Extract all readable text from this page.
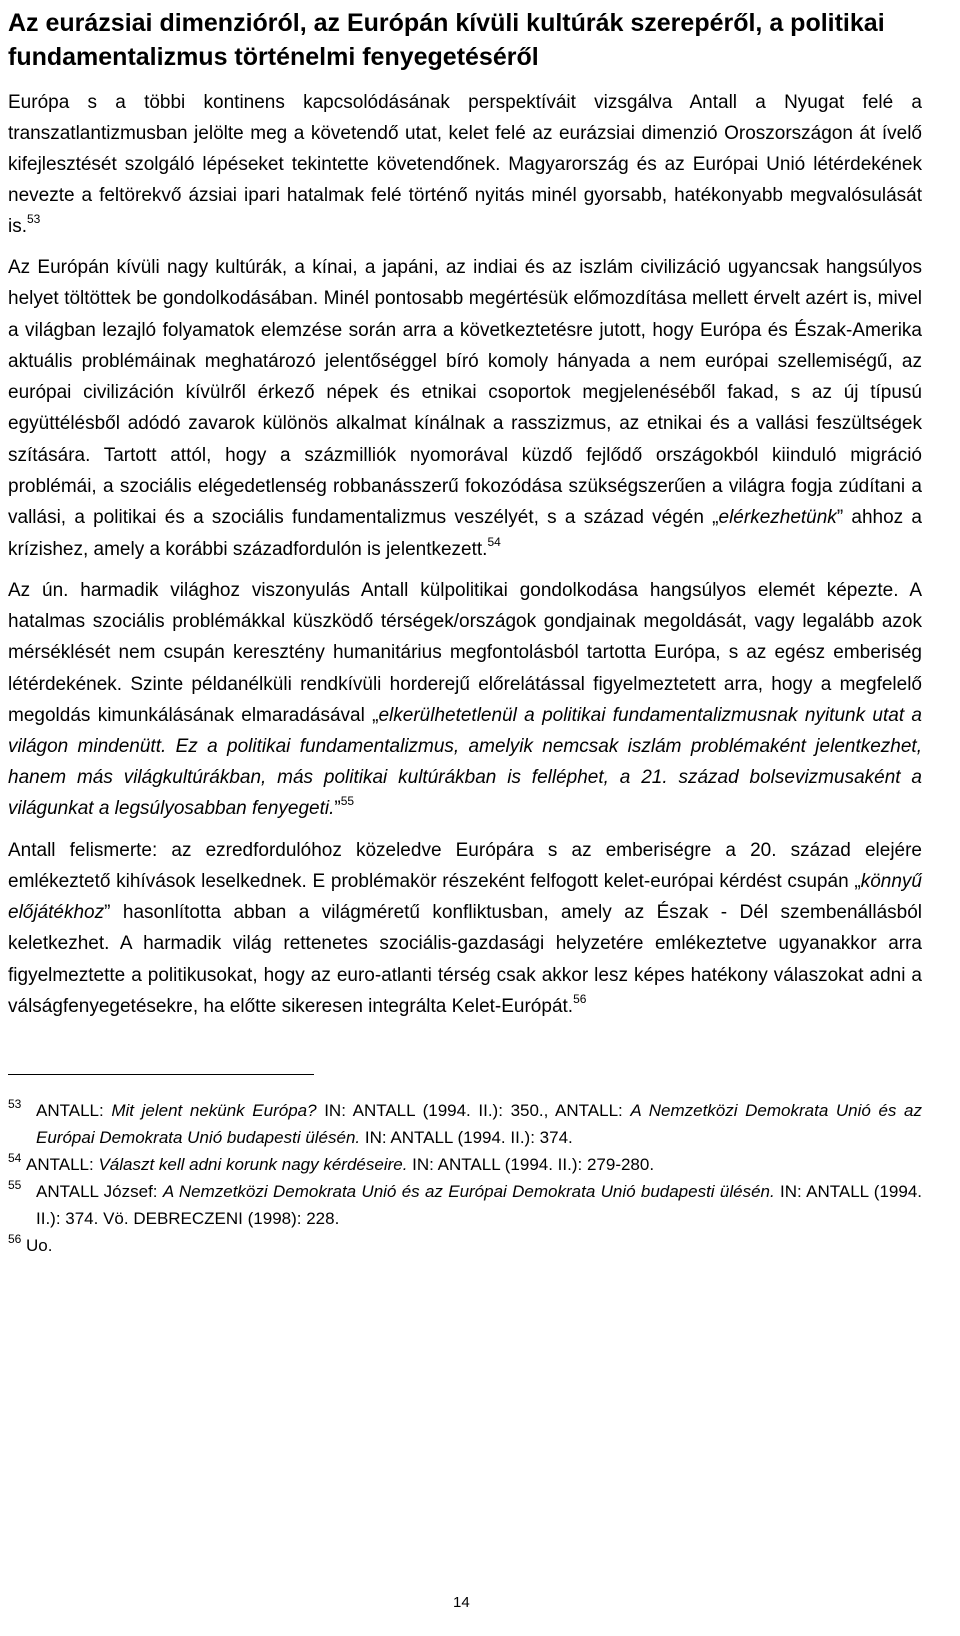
Az eurázsiai dimenzióról, az Európán kívüli kultúrák szerepéről, a politikai fundamentalizmus történelmi fenyegetéséről

Európa s a többi kontinens kapcsolódásának perspektíváit vizsgálva Antall a Nyugat felé a transzatlantizmusban jelölte meg a követendő utat, kelet felé az eurázsiai dimenzió Oroszországon át ívelő kifejlesztését szolgáló lépéseket tekintette követendőnek. Magyarország és az Európai Unió létérdekének nevezte a feltörekvő ázsiai ipari hatalmak felé történő nyitás minél gyorsabb, hatékonyabb megvalósulását is.$^{53}$

Az Európán kívüli nagy kultúrák, a kínai, a japáni, az indiai és az iszlám civilizáció ugyancsak hangsúlyos helyet töltöttek be gondolkodásában. Minél pontosabb megértésük előmozdítása mellett érvelt azért is, mivel a világban lezajló folyamatok elemzése során arra a következtetésre jutott, hogy Európa és Észak-Amerika aktuális problémáinak meghatározó jelentőséggel bíró komoly hányada a nem európai szellemiségű, az európai civilizáción kívülről érkező népek és etnikai csoportok megjelenéséből fakad, s az új típusú együttélésből adódó zavarok különös alkalmat kínálnak a rasszizmus, az etnikai és a vallási feszültségek szítására. Tartott attól, hogy a százmilliók nyomorával küzdő fejlődő országokból kiinduló migráció problémái, a szociális elégedetlenség robbanásszerű fokozódása szükségszerűen a világra fogja zúdítani a vallási, a politikai és a szociális fundamentalizmus veszélyét, s a század végén „elérkezhetünk” ahhoz a krízishez, amely a korábbi századfordulón is jelentkezett.$^{54}$

Az ún. harmadik világhoz viszonyulás Antall külpolitikai gondolkodása hangsúlyos elemét képezte. A hatalmas szociális problémákkal küszködő térségek/országok gondjainak megoldását, vagy legalább azok mérséklését nem csupán keresztény humanitárius megfontolásból tartotta Európa, s az egész emberiség létérdekének. Szinte példanélküli rendkívüli horderejű előrelátással figyelmeztetett arra, hogy a megfelelő megoldás kimunkálásának elmaradásával „elkerülhetetlenül a politikai fundamentalizmusnak nyitunk utat a világon mindenütt. Ez a politikai fundamentalizmus, amelyik nemcsak iszlám problémaként jelentkezhet, hanem más világkultúrákban, más politikai kultúrákban is felléphet, a 21. század bolsevizmusaként a világunkat a legsúlyosabban fenyegeti.”$^{55}$

Antall felismerte: az ezredfordulóhoz közeledve Európára s az emberiségre a 20. század elejére emlékeztető kihívások leselkednek. E problémakör részeként felfogott kelet-európai kérdést csupán „könnyű előjátékhoz” hasonlította abban a világméretű konfliktusban, amely az Észak - Dél szembenállásból keletkezhet. A harmadik világ rettenetes szociális-gazdasági helyzetére emlékeztetve ugyanakkor arra figyelmeztette a politikusokat, hogy az euro-atlanti térség csak akkor lesz képes hatékony válaszokat adni a válságfenyegetésekre, ha előtte sikeresen integrálta Kelet-Európát.$^{56}$

53 ANTALL: Mit jelent nekünk Európa? IN: ANTALL (1994. II.): 350., ANTALL: A Nemzetközi Demokrata Unió és az Európai Demokrata Unió budapesti ülésén. IN: ANTALL (1994. II.): 374.
54 ANTALL: Választ kell adni korunk nagy kérdéseire. IN: ANTALL (1994. II.): 279-280.
55 ANTALL József: A Nemzetközi Demokrata Unió és az Európai Demokrata Unió budapesti ülésén. IN: ANTALL (1994. II.): 374. Vö. DEBRECZENI (1998): 228.
56 Uo.
14
